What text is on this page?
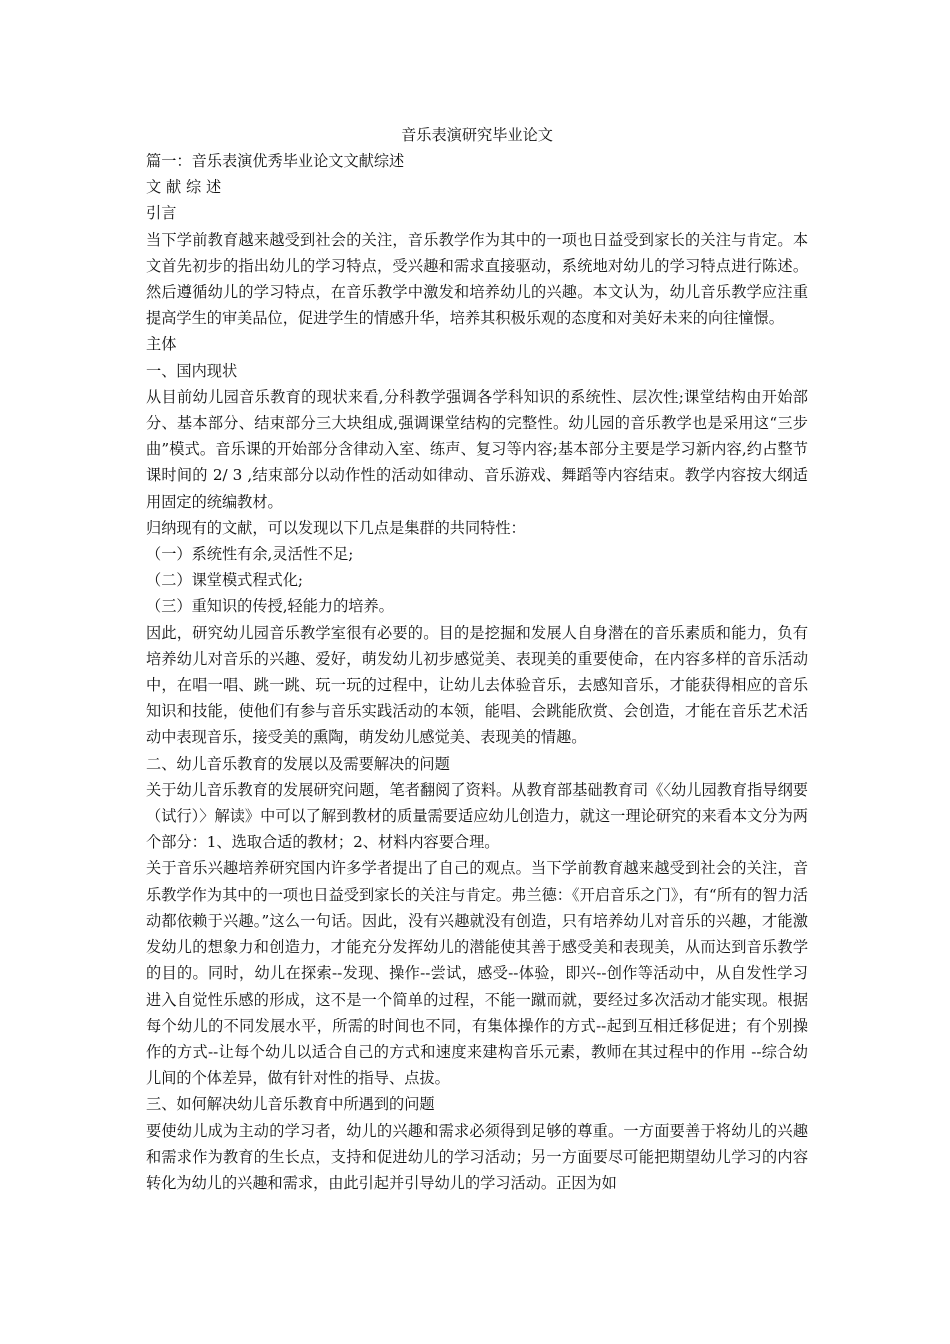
音乐表演研究毕业论文

篇一：音乐表演优秀毕业论文文献综述

文 献 综 述

引言

当下学前教育越来越受到社会的关注，音乐教学作为其中的一项也日益受到家长的关注与肯定。本文首先初步的指出幼儿的学习特点，受兴趣和需求直接驱动，系统地对幼儿的学习特点进行陈述。然后遵循幼儿的学习特点，在音乐教学中激发和培养幼儿的兴趣。本文认为，幼儿音乐教学应注重提高学生的审美品位，促进学生的情感升华，培养其积极乐观的态度和对美好未来的向往憧憬。

主体

一、国内现状

从目前幼儿园音乐教育的现状来看,分科教学强调各学科知识的系统性、层次性;课堂结构由开始部分、基本部分、结束部分三大块组成,强调课堂结构的完整性。幼儿园的音乐教学也是采用这“三步曲”模式。音乐课的开始部分含律动入室、练声、复习等内容;基本部分主要是学习新内容,约占整节课时间的 2/ 3 ,结束部分以动作性的活动如律动、音乐游戏、舞蹈等内容结束。教学内容按大纲适用固定的统编教材。

归纳现有的文献，可以发现以下几点是集群的共同特性：

（一）系统性有余,灵活性不足;

（二）课堂模式程式化;

（三）重知识的传授,轻能力的培养。

因此，研究幼儿园音乐教学室很有必要的。目的是挖掘和发展人自身潜在的音乐素质和能力，负有培养幼儿对音乐的兴趣、爱好，萌发幼儿初步感觉美、表现美的重要使命，在内容多样的音乐活动中，在唱一唱、跳一跳、玩一玩的过程中，让幼儿去体验音乐，去感知音乐，才能获得相应的音乐知识和技能，使他们有参与音乐实践活动的本领，能唱、会跳能欣赏、会创造，才能在音乐艺术活动中表现音乐，接受美的熏陶，萌发幼儿感觉美、表现美的情趣。

二、幼儿音乐教育的发展以及需要解决的问题

关于幼儿音乐教育的发展研究问题，笔者翻阅了资料。从教育部基础教育司《〈幼儿园教育指导纲要（试行）〉解读》中可以了解到教材的质量需要适应幼儿创造力，就这一理论研究的来看本文分为两个部分：1、选取合适的教材；2、材料内容要合理。

关于音乐兴趣培养研究国内许多学者提出了自己的观点。当下学前教育越来越受到社会的关注，音乐教学作为其中的一项也日益受到家长的关注与肯定。弗兰德：《开启音乐之门》，有“所有的智力活动都依赖于兴趣。”这么一句话。因此，没有兴趣就没有创造，只有培养幼儿对音乐的兴趣，才能激发幼儿的想象力和创造力，才能充分发挥幼儿的潜能使其善于感受美和表现美，从而达到音乐教学的目的。同时，幼儿在探索--发现、操作--尝试，感受--体验，即兴--创作等活动中，从自发性学习进入自觉性乐感的形成，这不是一个简单的过程，不能一蹴而就，要经过多次活动才能实现。根据每个幼儿的不同发展水平，所需的时间也不同，有集体操作的方式--起到互相迁移促进；有个别操作的方式--让每个幼儿以适合自己的方式和速度来建构音乐元素，教师在其过程中的作用 --综合幼儿间的个体差异，做有针对性的指导、点拔。

三、如何解决幼儿音乐教育中所遇到的问题

要使幼儿成为主动的学习者，幼儿的兴趣和需求必须得到足够的尊重。一方面要善于将幼儿的兴趣和需求作为教育的生长点，支持和促进幼儿的学习活动；另一方面要尽可能把期望幼儿学习的内容转化为幼儿的兴趣和需求，由此引起并引导幼儿的学习活动。正因为如
